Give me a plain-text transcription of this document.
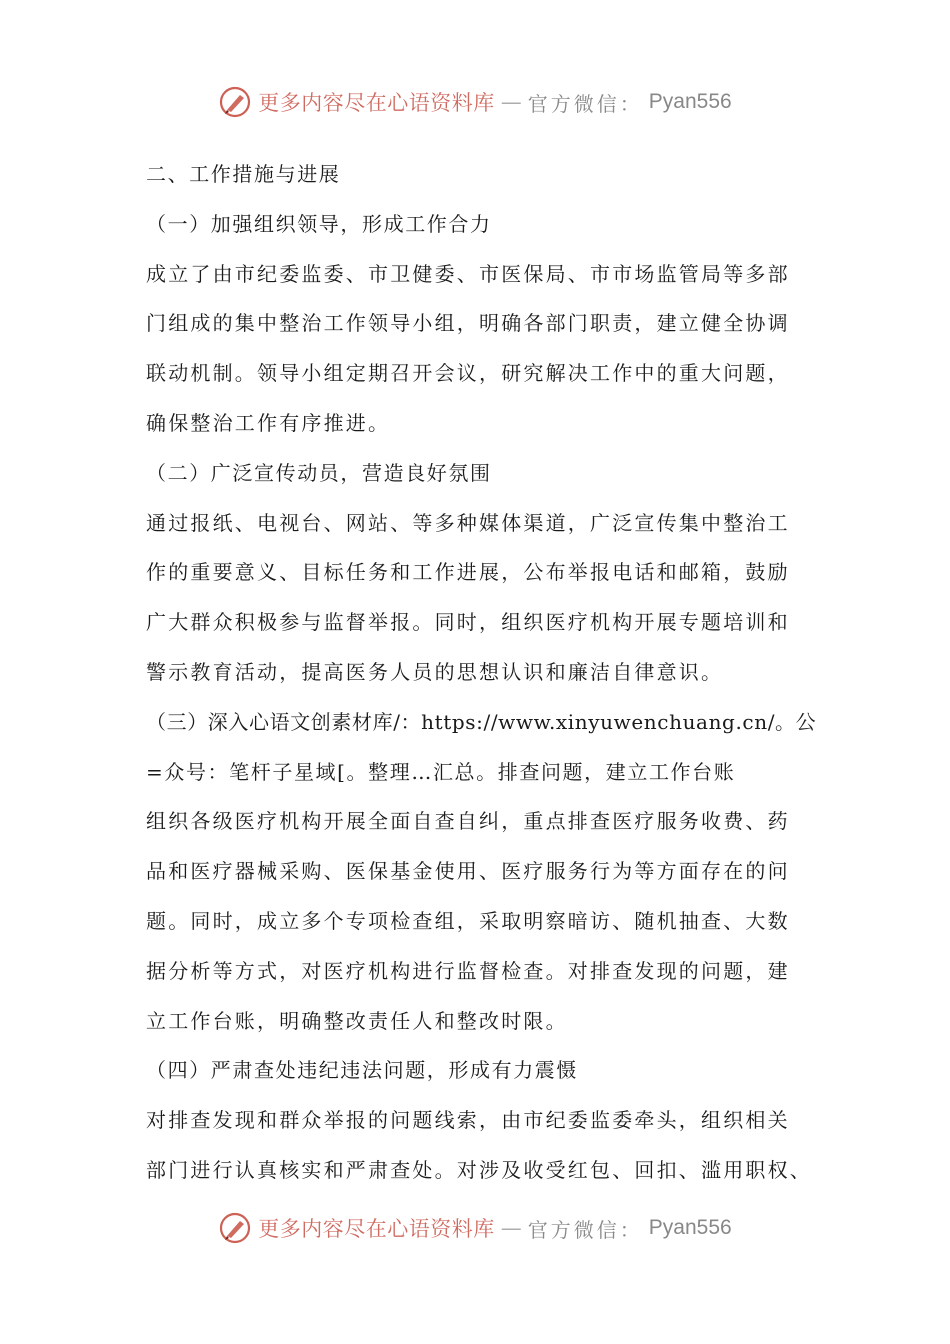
更多内容尽在心语资料库 — 官方微信： Pyan556
二、工作措施与进展
（一）加强组织领导，形成工作合力
成立了由市纪委监委、市卫健委、市医保局、市市场监管局等多部
门组成的集中整治工作领导小组，明确各部门职责，建立健全协调
联动机制。领导小组定期召开会议，研究解决工作中的重大问题，
确保整治工作有序推进。
（二）广泛宣传动员，营造良好氛围
通过报纸、电视台、网站、等多种媒体渠道，广泛宣传集中整治工
作的重要意义、目标任务和工作进展，公布举报电话和邮箱，鼓励
广大群众积极参与监督举报。同时，组织医疗机构开展专题培训和
警示教育活动，提高医务人员的思想认识和廉洁自律意识。
（三）深入心语文创素材库/：https://www.xinyuwenchuang.cn/。公
=众号：笔杆子星域[。整理…汇总。排查问题，建立工作台账
组织各级医疗机构开展全面自查自纠，重点排查医疗服务收费、药
品和医疗器械采购、医保基金使用、医疗服务行为等方面存在的问
题。同时，成立多个专项检查组，采取明察暗访、随机抽查、大数
据分析等方式，对医疗机构进行监督检查。对排查发现的问题，建
立工作台账，明确整改责任人和整改时限。
（四）严肃查处违纪违法问题，形成有力震慑
对排查发现和群众举报的问题线索，由市纪委监委牵头，组织相关
部门进行认真核实和严肃查处。对涉及收受红包、回扣、滥用职权、
更多内容尽在心语资料库 — 官方微信： Pyan556
